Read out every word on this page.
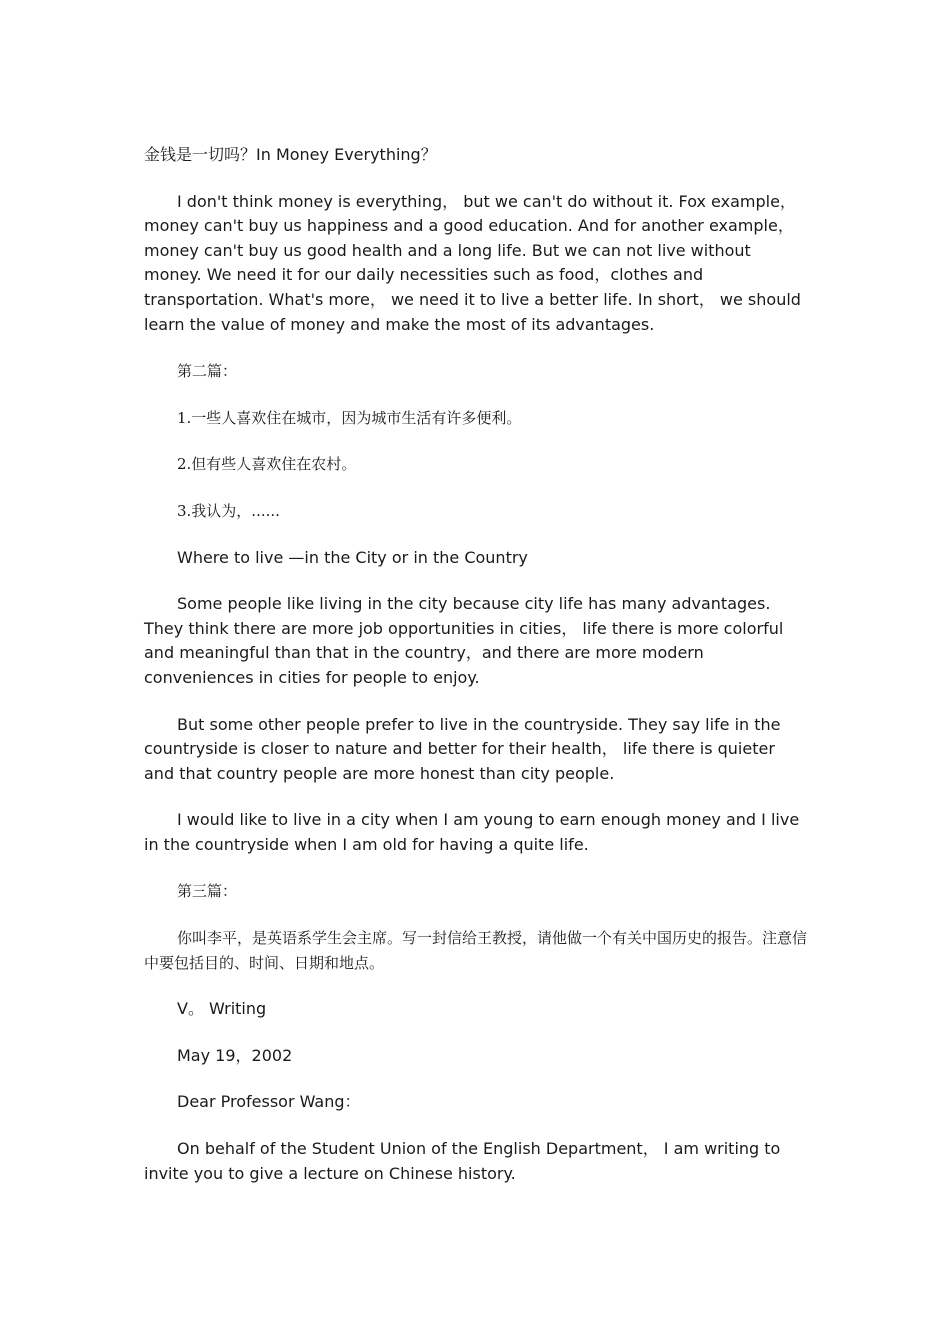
金钱是一切吗？In Money Everything？

I don't think money is everything， but we can't do without it. Fox example， money can't buy us happiness and a good education. And for another example， money can't buy us good health and a long life. But we can not live without money. We need it for our daily necessities such as food，clothes and transportation. What's more， we need it to live a better life. In short， we should learn the value of money and make the most of its advantages.

第二篇：

1.一些人喜欢住在城市，因为城市生活有许多便利。

2.但有些人喜欢住在农村。

3.我认为，......

Where to live —in the City or in the Country

Some people like living in the city because city life has many advantages. They think there are more job opportunities in cities， life there is more colorful and meaningful than that in the country，and there are more modern conveniences in cities for people to enjoy.

But some other people prefer to live in the countryside. They say life in the countryside is closer to nature and better for their health， life there is quieter and that country people are more honest than city people.

I would like to live in a city when I am young to earn enough money and I live in the countryside when I am old for having a quite life.

第三篇：

你叫李平，是英语系学生会主席。写一封信给王教授，请他做一个有关中国历史的报告。注意信中要包括目的、时间、日期和地点。

Ⅴ。 Writing

May 19，2002

Dear Professor Wang：

On behalf of the Student Union of the English Department， I am writing to invite you to give a lecture on Chinese history.
